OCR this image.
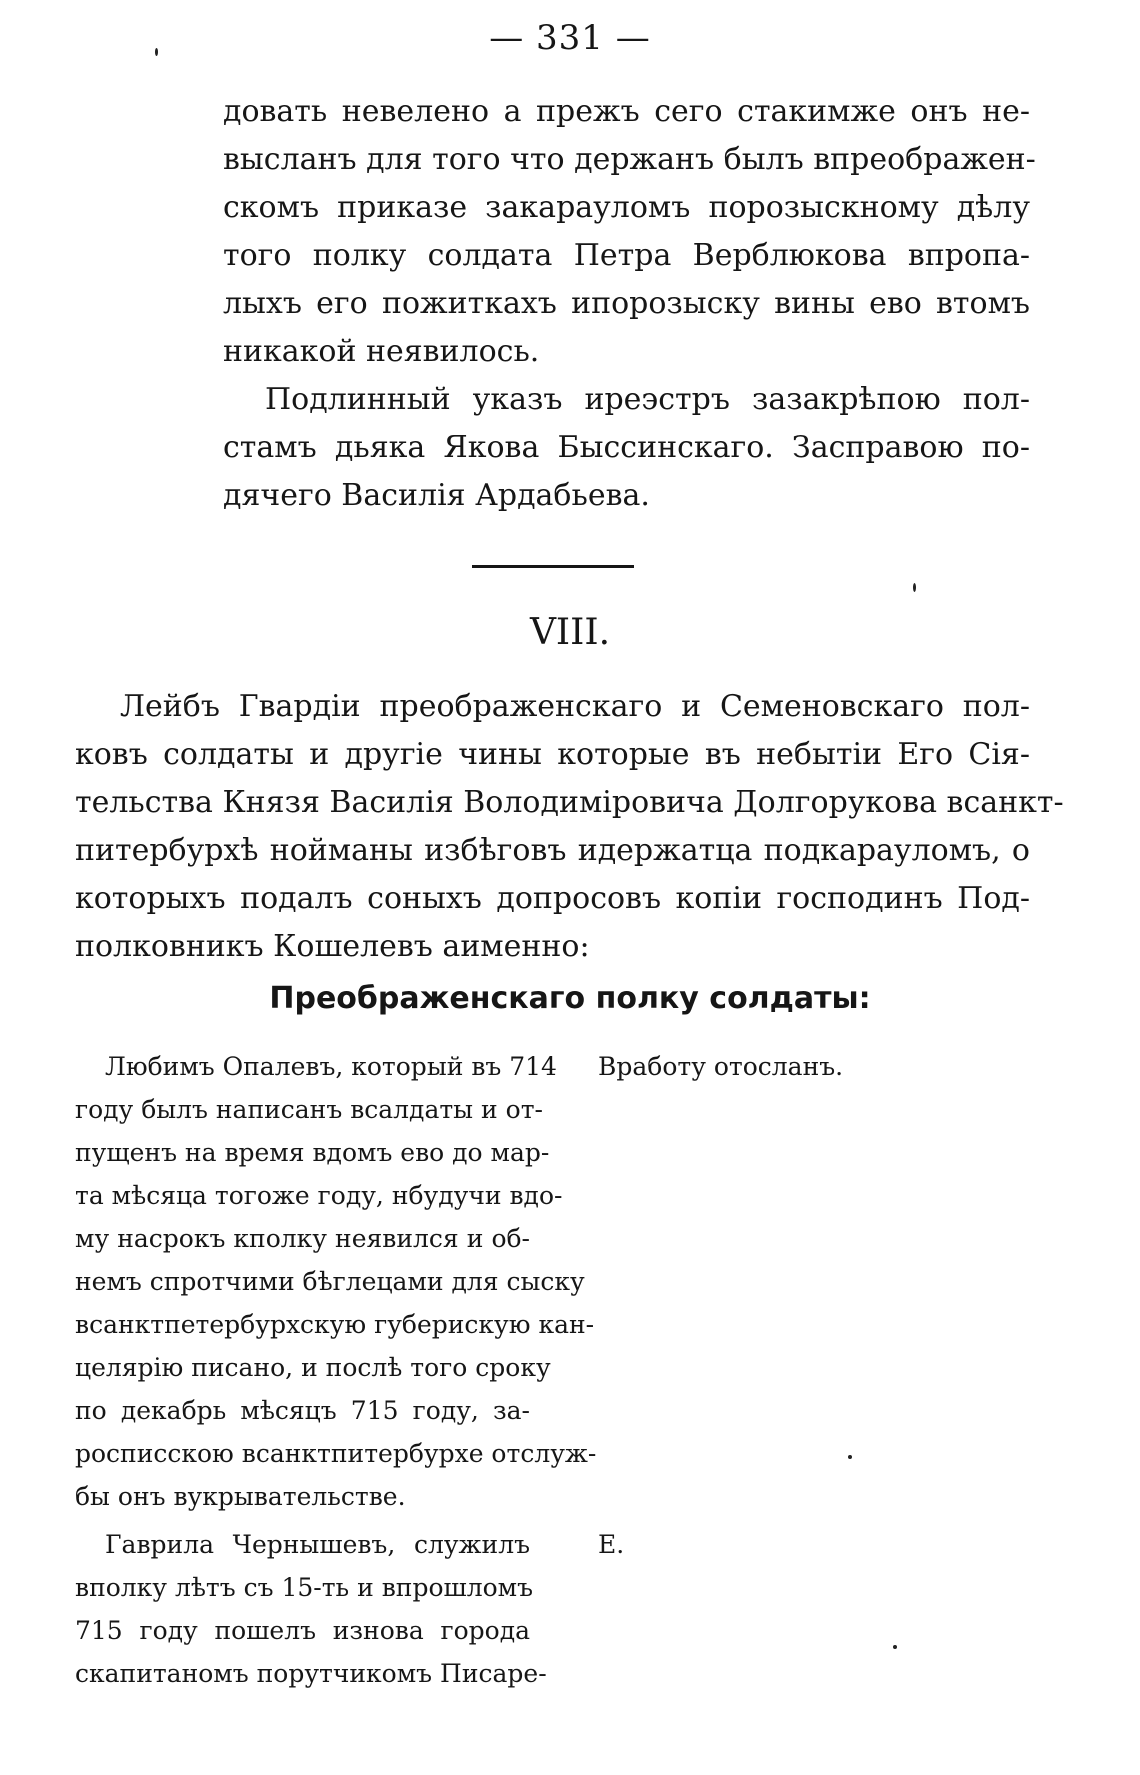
— 331 —
довать невелено а прежъ сего стакимже онъ не-
высланъ для того что держанъ былъ впреображен-
скомъ приказе закарауломъ порозыскному дѣлу
того полку солдата Петра Верблюкова впропа-
лыхъ его пожиткахъ ипорозыску вины ево втомъ
никакой неявилось.
Подлинный указъ иреэстръ зазакрѣпою пол-
стамъ дьяка Якова Быссинскаго. Засправою по-
дячего Василія Ардабьева.
VIII.
Лейбъ Гвардіи преображенскаго и Семеновскаго пол-
ковъ солдаты и другіе чины которые въ небытіи Его Сія-
тельства Князя Василія Володиміровича Долгорукова всанкт-
питербурхѣ нойманы избѣговъ идержатца подкарауломъ, о
которыхъ подалъ соныхъ допросовъ копіи господинъ Под-
полковникъ Кошелевъ аименно:
Преображенскаго полку солдаты:
Любимъ Опалевъ, который въ 714
году былъ написанъ всалдаты и от-
пущенъ на время вдомъ ево до мар-
та мѣсяца тогоже году, нбудучи вдо-
му насрокъ кполку неявился и об-
немъ спротчими бѣглецами для сыску
всанктпетербурхскую губерискую кан-
целярію писано, и послѣ того сроку
по декабрь мѣсяцъ 715 году, за-
росписскою всанктпитербурхе отслуж-
бы онъ вукрывательстве.
Вработу отосланъ.
Гаврила Чернышевъ, служилъ
вполку лѣтъ съ 15-ть и впрошломъ
715 году пошелъ изнова города
скапитаномъ порутчикомъ Писаре-
Е.
